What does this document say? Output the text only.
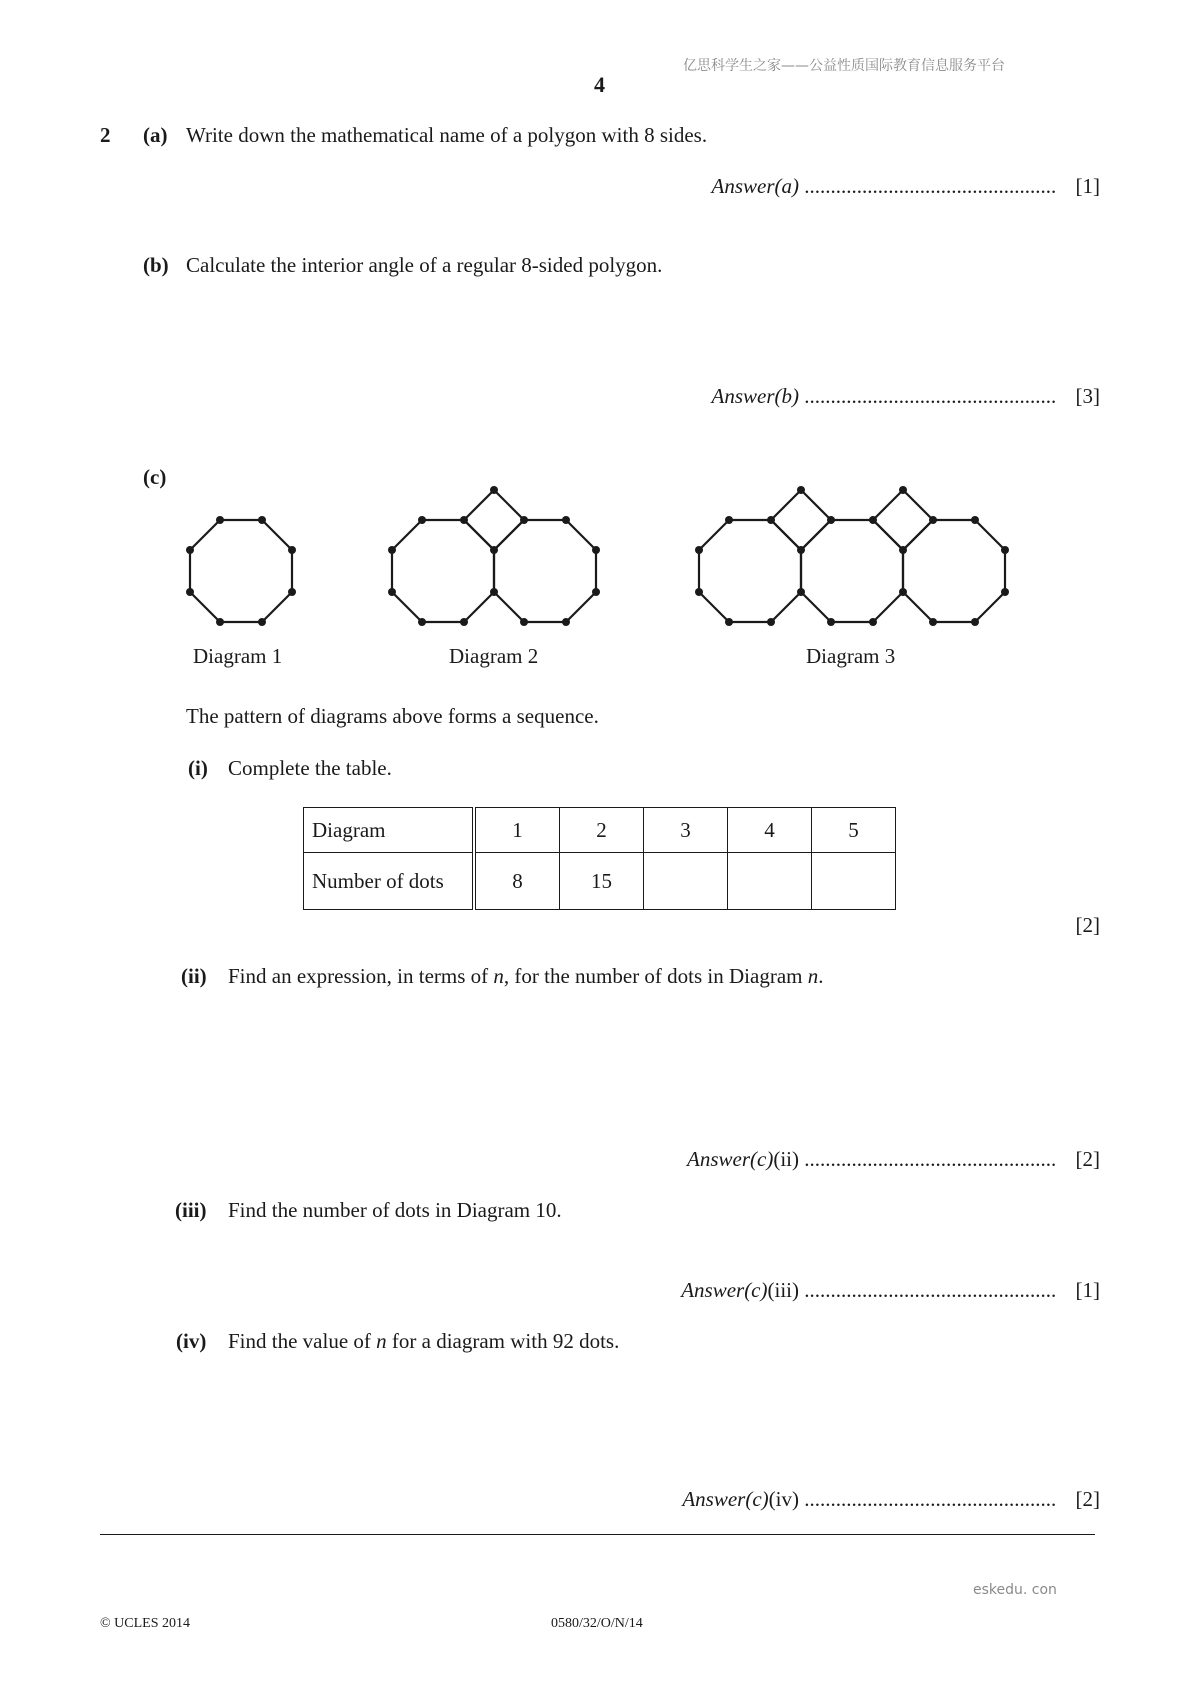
亿思科学生之家——公益性质国际教育信息服务平台
4
2 (a) Write down the mathematical name of a polygon with 8 sides.
Answer(a) ................................................ [1]
(b) Calculate the interior angle of a regular 8-sided polygon.
Answer(b) ................................................ [3]
(c)
Diagram 1	Diagram 2	Diagram 3
The pattern of diagrams above forms a sequence.
(i) Complete the table.
Diagram	1	2	3	4	5
Number of dots	8	15			
[2]
(ii) Find an expression, in terms of n, for the number of dots in Diagram n.
Answer(c)(ii) ................................................ [2]
(iii) Find the number of dots in Diagram 10.
Answer(c)(iii) ................................................ [1]
(iv) Find the value of n for a diagram with 92 dots.
Answer(c)(iv) ................................................ [2]
eskedu. con
© UCLES 2014	0580/32/O/N/14
